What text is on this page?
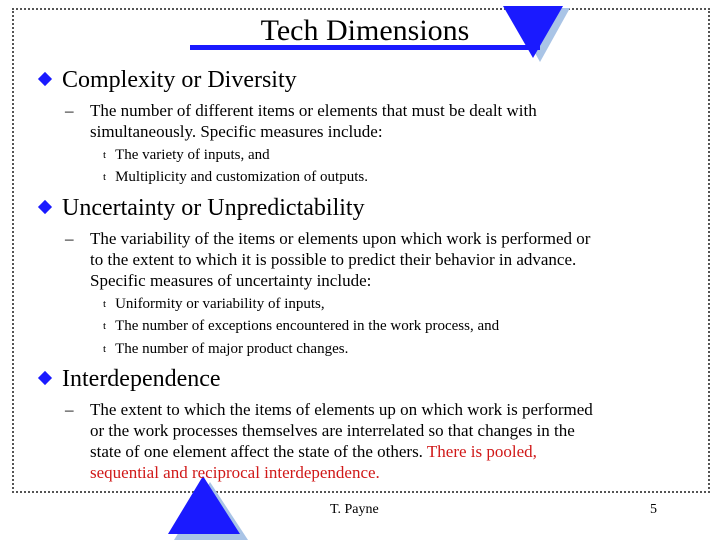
Tech Dimensions
Complexity or Diversity
– The number of different items or elements that must be dealt with
simultaneously. Specific measures include:
t The variety of inputs, and
t Multiplicity and customization of outputs.
Uncertainty or Unpredictability
– The variability of the items or elements upon which work is performed or
to the extent to which it is possible to predict their behavior in advance.
Specific measures of uncertainty include:
t Uniformity or variability of inputs,
t The number of exceptions encountered in the work process, and
t The number of major product changes.
Interdependence
– The extent to which the items of elements up on which work is performed
or the work processes themselves are interrelated so that changes in the
state of one element affect the state of the others. There is pooled,
sequential and reciprocal interdependence.
T. Payne	5
